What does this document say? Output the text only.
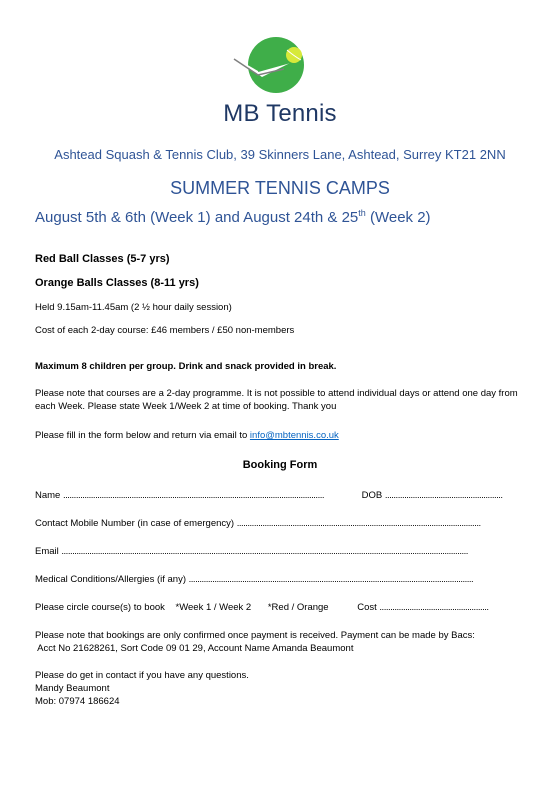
MB Tennis
Ashtead Squash & Tennis Club, 39 Skinners Lane, Ashtead, Surrey KT21 2NN
SUMMER TENNIS CAMPS
August 5th & 6th (Week 1) and August 24th & 25th (Week 2)
Red Ball Classes (5-7 yrs)
Orange Balls Classes (8-11 yrs)
Held 9.15am-11.45am (2 ½ hour daily session)
Cost of each 2-day course: £46 members / £50 non-members
Maximum 8 children per group. Drink and snack provided in break.
Please note that courses are a 2-day programme. It is not possible to attend individual days or attend one day from each Week. Please state Week 1/Week 2 at time of booking. Thank you
Please fill in the form below and return via email to info@mbtennis.co.uk
Booking Form
Name ..........................................................................................................................	DOB .......................................................
Contact Mobile Number (in case of emergency) ..................................................................................................................
Email ..............................................................................................................................................................................................
Medical Conditions/Allergies (if any) .....................................................................................................................................
Please circle course(s) to book *Week 1 / Week 2 *Red / Orange	Cost ...................................................
Please note that bookings are only confirmed once payment is received. Payment can be made by Bacs:
Acct No 21628261, Sort Code 09 01 29, Account Name Amanda Beaumont
Please do get in contact if you have any questions.
Mandy Beaumont
Mob: 07974 186624
